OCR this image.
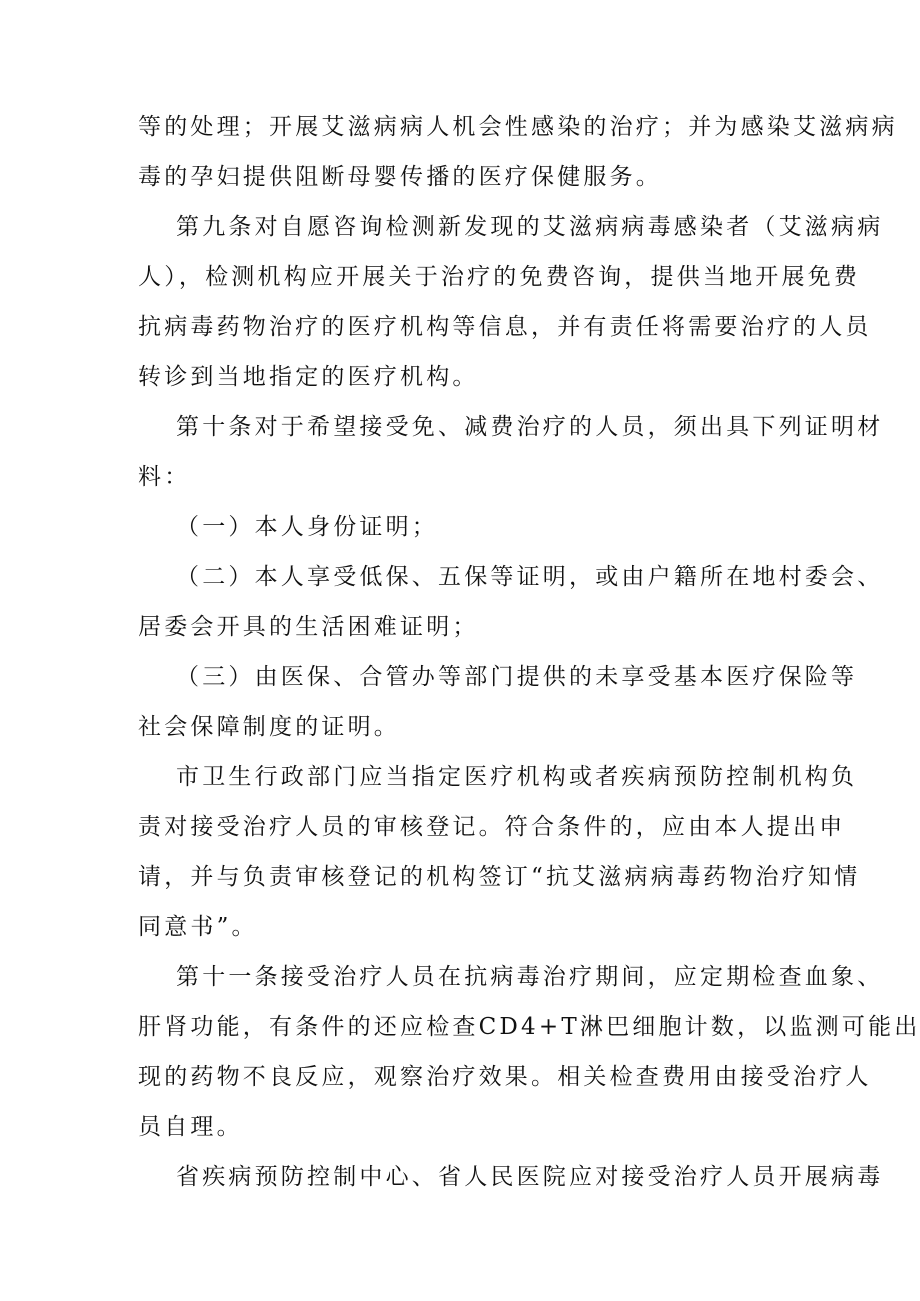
等的处理；开展艾滋病病人机会性感染的治疗；并为感染艾滋病病
毒的孕妇提供阻断母婴传播的医疗保健服务。
第九条对自愿咨询检测新发现的艾滋病病毒感染者（艾滋病病
人），检测机构应开展关于治疗的免费咨询，提供当地开展免费
抗病毒药物治疗的医疗机构等信息，并有责任将需要治疗的人员
转诊到当地指定的医疗机构。
第十条对于希望接受免、减费治疗的人员，须出具下列证明材
料：
（一）本人身份证明；
（二）本人享受低保、五保等证明，或由户籍所在地村委会、
居委会开具的生活困难证明；
（三）由医保、合管办等部门提供的未享受基本医疗保险等
社会保障制度的证明。
市卫生行政部门应当指定医疗机构或者疾病预防控制机构负
责对接受治疗人员的审核登记。符合条件的，应由本人提出申
请，并与负责审核登记的机构签订“抗艾滋病病毒药物治疗知情
同意书”。
第十一条接受治疗人员在抗病毒治疗期间，应定期检查血象、
肝肾功能，有条件的还应检查CD4+T淋巴细胞计数，以监测可能出
现的药物不良反应，观察治疗效果。相关检查费用由接受治疗人
员自理。
省疾病预防控制中心、省人民医院应对接受治疗人员开展病毒
